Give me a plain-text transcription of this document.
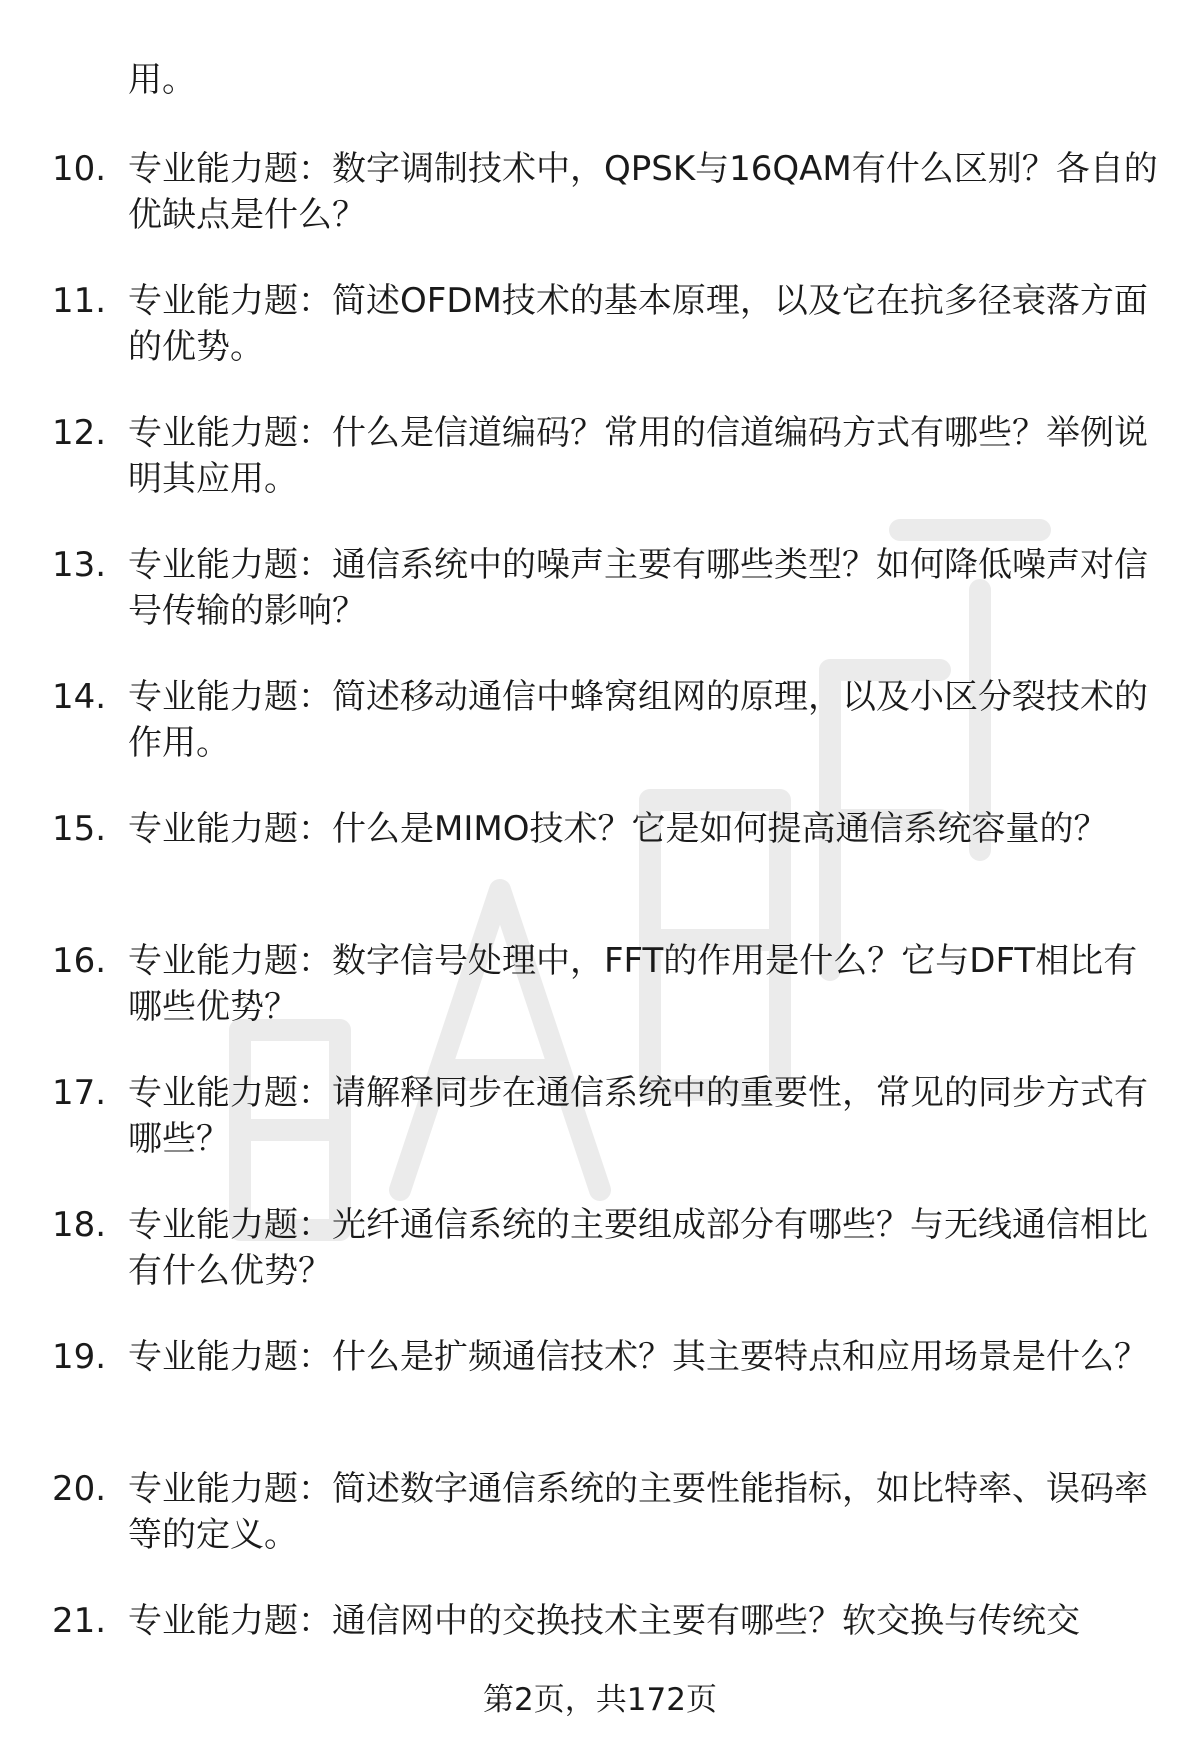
用。
10. 专业能力题：数字调制技术中，QPSK与16QAM有什么区别？各自的优缺点是什么？
11. 专业能力题：简述OFDM技术的基本原理，以及它在抗多径衰落方面的优势。
12. 专业能力题：什么是信道编码？常用的信道编码方式有哪些？举例说明其应用。
13. 专业能力题：通信系统中的噪声主要有哪些类型？如何降低噪声对信号传输的影响？
14. 专业能力题：简述移动通信中蜂窝组网的原理，以及小区分裂技术的作用。
15. 专业能力题：什么是MIMO技术？它是如何提高通信系统容量的？
16. 专业能力题：数字信号处理中，FFT的作用是什么？它与DFT相比有哪些优势？
17. 专业能力题：请解释同步在通信系统中的重要性，常见的同步方式有哪些？
18. 专业能力题：光纤通信系统的主要组成部分有哪些？与无线通信相比有什么优势？
19. 专业能力题：什么是扩频通信技术？其主要特点和应用场景是什么？
20. 专业能力题：简述数字通信系统的主要性能指标，如比特率、误码率等的定义。
21. 专业能力题：通信网中的交换技术主要有哪些？软交换与传统交
第2页，共172页
